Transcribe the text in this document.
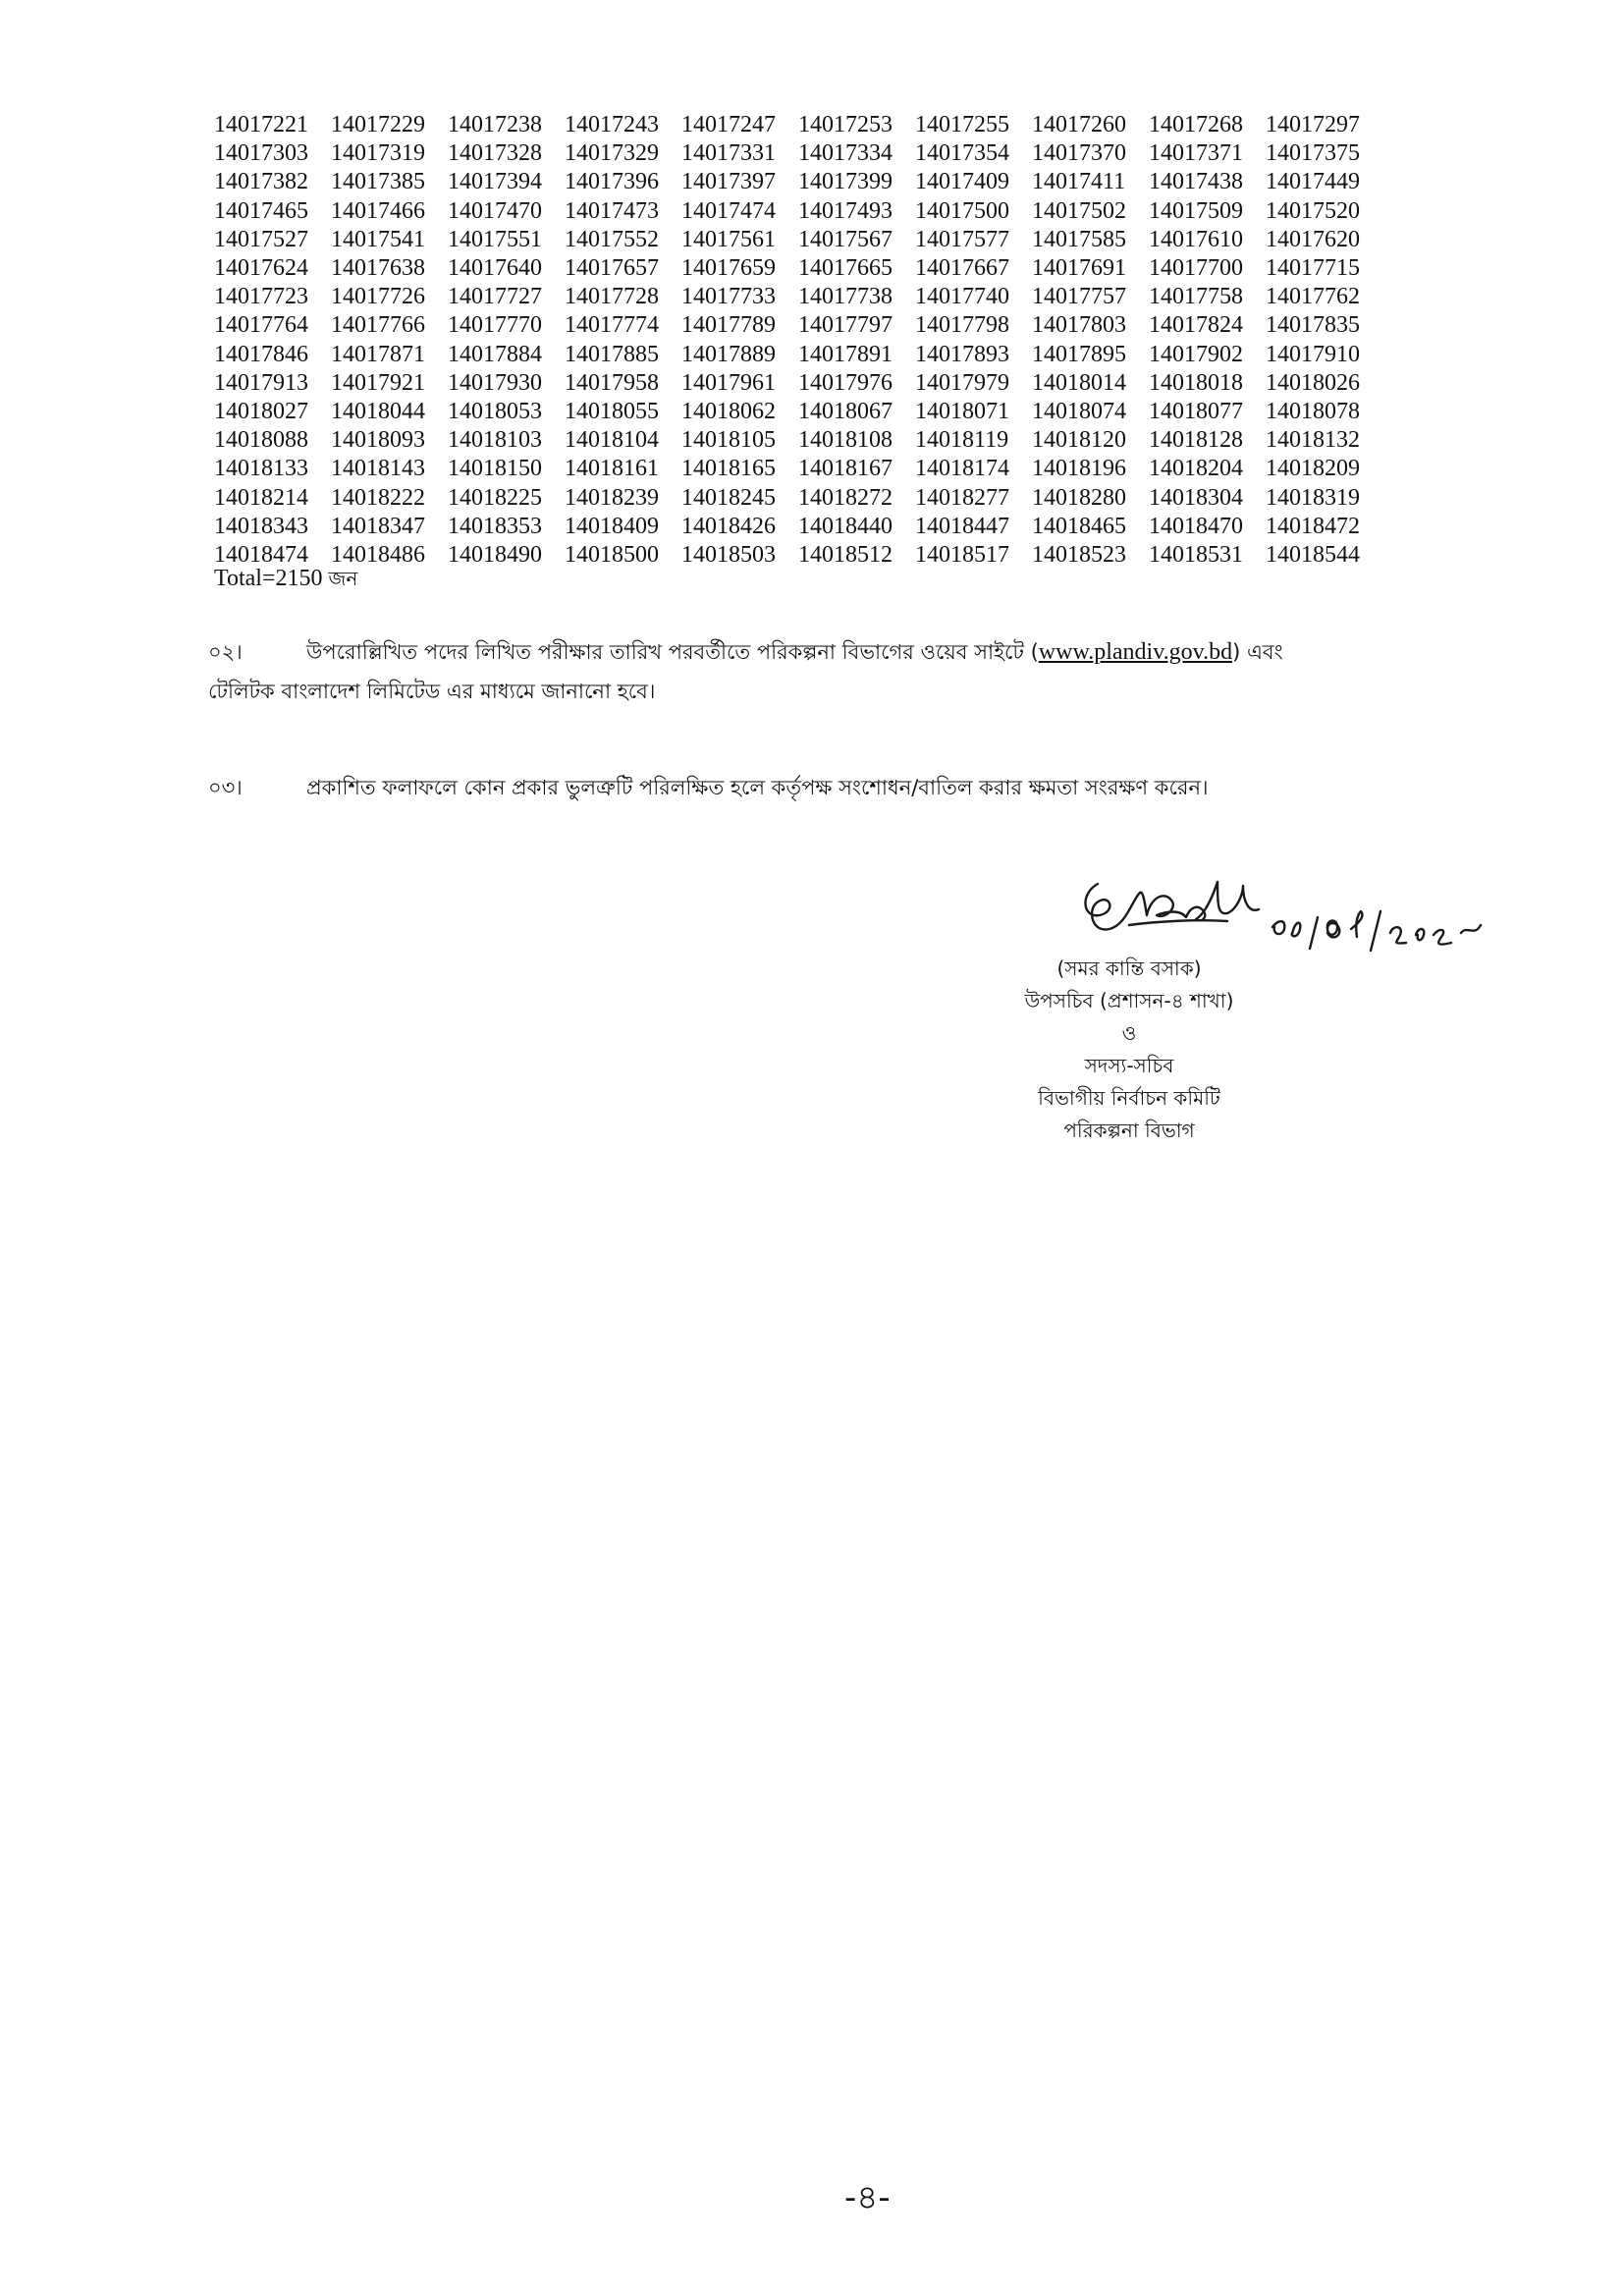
14017221	14017229	14017238	14017243	14017247	14017253	14017255	14017260	14017268	14017297
14017303	14017319	14017328	14017329	14017331	14017334	14017354	14017370	14017371	14017375
14017382	14017385	14017394	14017396	14017397	14017399	14017409	14017411	14017438	14017449
14017465	14017466	14017470	14017473	14017474	14017493	14017500	14017502	14017509	14017520
14017527	14017541	14017551	14017552	14017561	14017567	14017577	14017585	14017610	14017620
14017624	14017638	14017640	14017657	14017659	14017665	14017667	14017691	14017700	14017715
14017723	14017726	14017727	14017728	14017733	14017738	14017740	14017757	14017758	14017762
14017764	14017766	14017770	14017774	14017789	14017797	14017798	14017803	14017824	14017835
14017846	14017871	14017884	14017885	14017889	14017891	14017893	14017895	14017902	14017910
14017913	14017921	14017930	14017958	14017961	14017976	14017979	14018014	14018018	14018026
14018027	14018044	14018053	14018055	14018062	14018067	14018071	14018074	14018077	14018078
14018088	14018093	14018103	14018104	14018105	14018108	14018119	14018120	14018128	14018132
14018133	14018143	14018150	14018161	14018165	14018167	14018174	14018196	14018204	14018209
14018214	14018222	14018225	14018239	14018245	14018272	14018277	14018280	14018304	14018319
14018343	14018347	14018353	14018409	14018426	14018440	14018447	14018465	14018470	14018472
14018474	14018486	14018490	14018500	14018503	14018512	14018517	14018523	14018531	14018544
Total=2150 জন
০২।	উপরোল্লিখিত পদের লিখিত পরীক্ষার তারিখ পরবর্তীতে পরিকল্পনা বিভাগের ওয়েব সাইটে (www.plandiv.gov.bd) এবং
টেলিটক বাংলাদেশ লিমিটেড এর মাধ্যমে জানানো হবে।
০৩।	প্রকাশিত ফলাফলে কোন প্রকার ভুলত্রুটি পরিলক্ষিত হলে কর্তৃপক্ষ সংশোধন/বাতিল করার ক্ষমতা সংরক্ষণ করেন।
(সমর কান্তি বসাক)
উপসচিব (প্রশাসন-৪ শাখা)
ও
সদস্য-সচিব
বিভাগীয় নির্বাচন কমিটি
পরিকল্পনা বিভাগ
-৪-
